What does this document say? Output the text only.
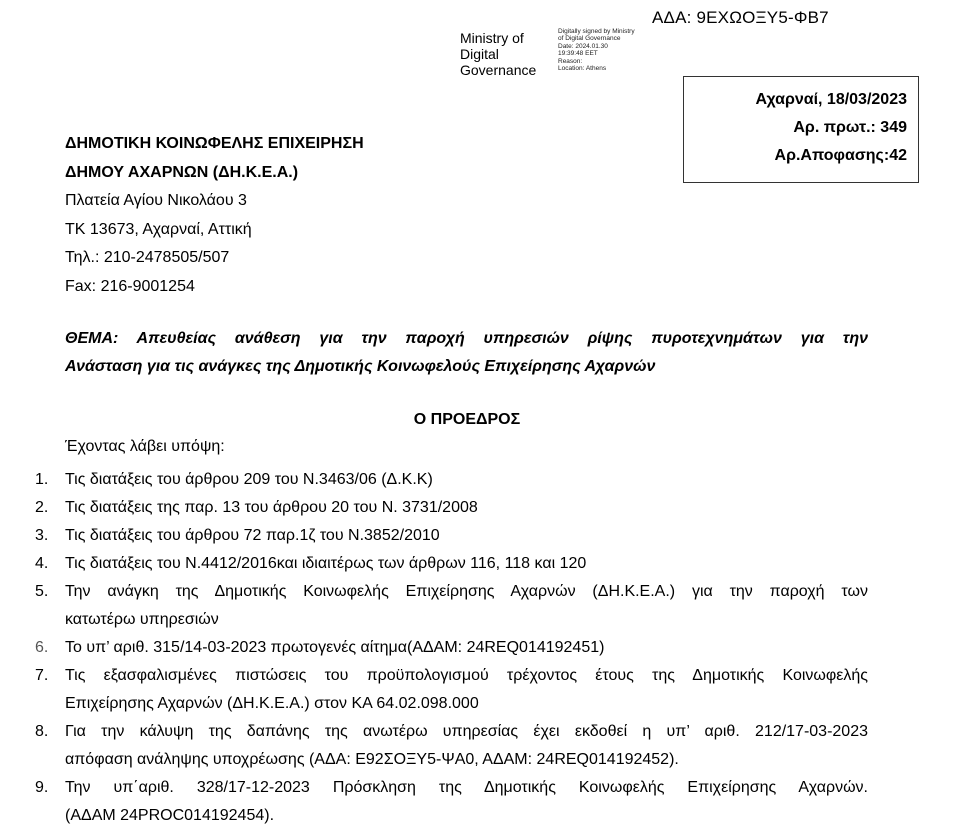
ΑΔΑ: 9ΕΧΩΟΞΥ5-ΦΒ7
Ministry of
Digital
Governance
Digitally signed by Ministry
of Digital Governance
Date: 2024.01.30
19:39:48 EET
Reason:
Location: Athens
Αχαρναί, 18/03/2023
Αρ. πρωτ.: 349
Αρ.Αποφασης:42
ΔΗΜΟΤΙΚΗ ΚΟΙΝΩΦΕΛΗΣ ΕΠΙΧΕΙΡΗΣΗ
ΔΗΜΟΥ ΑΧΑΡΝΩΝ (ΔΗ.Κ.Ε.Α.)
Πλατεία Αγίου Νικολάου 3
ΤΚ 13673, Αχαρναί, Αττική
Τηλ.: 210-2478505/507
Fax: 216-9001254
ΘΕΜΑ: Απευθείας ανάθεση για την παροχή υπηρεσιών ρίψης πυροτεχνημάτων για την
Ανάσταση για τις ανάγκες της Δημοτικής Κοινωφελούς Επιχείρησης Αχαρνών
Ο ΠΡΟΕΔΡΟΣ
Έχοντας λάβει υπόψη:
1. Τις διατάξεις του άρθρου 209 του Ν.3463/06 (Δ.Κ.Κ)
2. Τις διατάξεις της παρ. 13 του άρθρου 20 του Ν. 3731/2008
3. Τις διατάξεις του άρθρου 72 παρ.1ζ του Ν.3852/2010
4. Τις διατάξεις του Ν.4412/2016και ιδιαιτέρως των άρθρων 116, 118 και 120
5. Την ανάγκη της Δημοτικής Κοινωφελής Επιχείρησης Αχαρνών (ΔΗ.Κ.Ε.Α.) για την παροχή των
κατωτέρω υπηρεσιών
6. Το υπ’ αριθ. 315/14-03-2023 πρωτογενές αίτημα(ΑΔΑΜ: 24REQ014192451)
7. Τις εξασφαλισμένες πιστώσεις του προϋπολογισμού τρέχοντος έτους της Δημοτικής Κοινωφελής
Επιχείρησης Αχαρνών (ΔΗ.Κ.Ε.Α.) στον ΚΑ 64.02.098.000
8. Για την κάλυψη της δαπάνης της ανωτέρω υπηρεσίας έχει εκδοθεί η υπ’ αριθ. 212/17-03-2023
απόφαση ανάληψης υποχρέωσης (ΑΔΑ: Ε92ΣΟΞΥ5-ΨΑ0, ΑΔΑΜ: 24REQ014192452).
9. Την υπ΄αριθ. 328/17-12-2023 Πρόσκληση της Δημοτικής Κοινωφελής Επιχείρησης Αχαρνών.
(ΑΔΑΜ 24PROC014192454).
